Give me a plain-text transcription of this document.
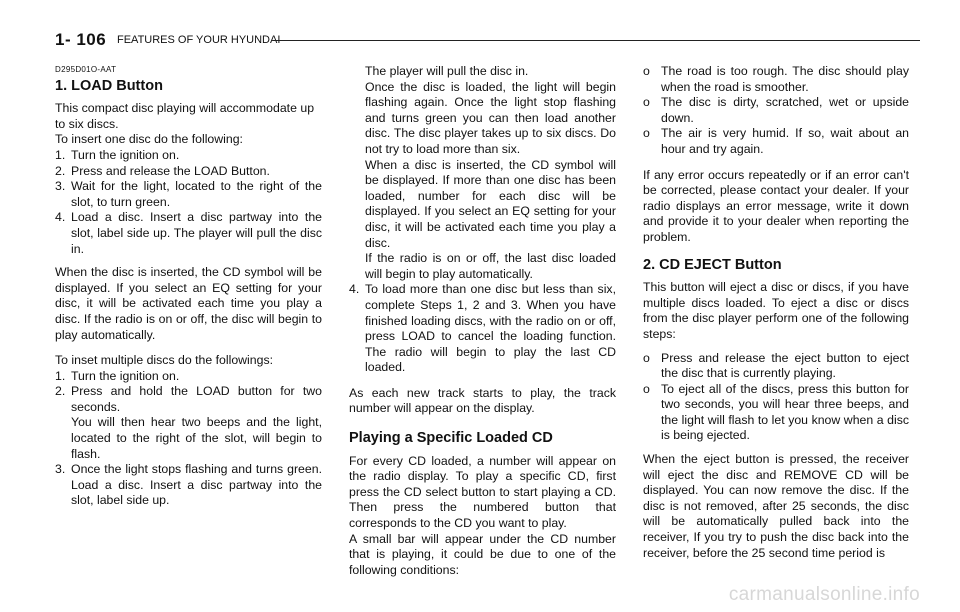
1- 106 FEATURES OF YOUR HYUNDAI
D295D01O-AAT
1. LOAD Button

This compact disc playing will accommodate up to six discs.

To insert one disc do the following:

1. Turn the ignition on.
2. Press and release the LOAD Button.
3. Wait for the light, located to the right of the slot, to turn green.
4. Load a disc. Insert a disc partway into the slot, label side up. The player will pull the disc in.

When the disc is inserted, the CD symbol will be displayed. If you select an EQ setting for your disc, it will be activated each time you play a disc. If the radio is on or off, the disc will begin to play automatically.

To inset multiple discs do the followings:

1. Turn the ignition on.
2. Press and hold the LOAD button for two seconds.
You will then hear two beeps and the light, located to the right of the slot, will begin to flash.
3. Once the light stops flashing and turns green. Load a disc. Insert a disc partway into the slot, label side up.

The player will pull the disc in.

Once the disc is loaded, the light will begin flashing again. Once the light stop flashing and turns green you can then load another disc. The disc player takes up to six discs. Do not try to load more than six.

When a disc is inserted, the CD symbol will be displayed. If more than one disc has been loaded, number for each disc will be displayed. If you select an EQ setting for your disc, it will be activated each time you play a disc.

If the radio is on or off, the last disc loaded will begin to play automatically.

4. To load more than one disc but less than six, complete Steps 1, 2 and 3. When you have finished loading discs, with the radio on or off, press LOAD to cancel the loading function. The radio will begin to play the last CD loaded.

As each new track starts to play, the track number will appear on the display.

Playing a Specific Loaded CD

For every CD loaded, a number will appear on the radio display. To play a specific CD, first press the CD select button to start playing a CD. Then press the numbered button that corresponds to the CD you want to play.

A small bar will appear under the CD number that is playing, it could be due to one of the following conditions:

o The road is too rough. The disc should play when the road is smoother.
o The disc is dirty, scratched, wet or upside down.
o The air is very humid. If so, wait about an hour and try again.

If any error occurs repeatedly or if an error can't be corrected, please contact your dealer. If your radio displays an error message, write it down and provide it to your dealer when reporting the problem.

2. CD EJECT Button

This button will eject a disc or discs, if you have multiple discs loaded. To eject a disc or discs from the disc player perform one of the following steps:

o Press and release the eject button to eject the disc that is currently playing.
o To eject all of the discs, press this button for two seconds, you will hear three beeps, and the light will flash to let you know when a disc is being ejected.

When the eject button is pressed, the receiver will eject the disc and REMOVE CD will be displayed. You can now remove the disc. If the disc is not removed, after 25 seconds, the disc will be automatically pulled back into the receiver, If you try to push the disc back into the receiver, before the 25 second time period is

carmanualsonline.info
